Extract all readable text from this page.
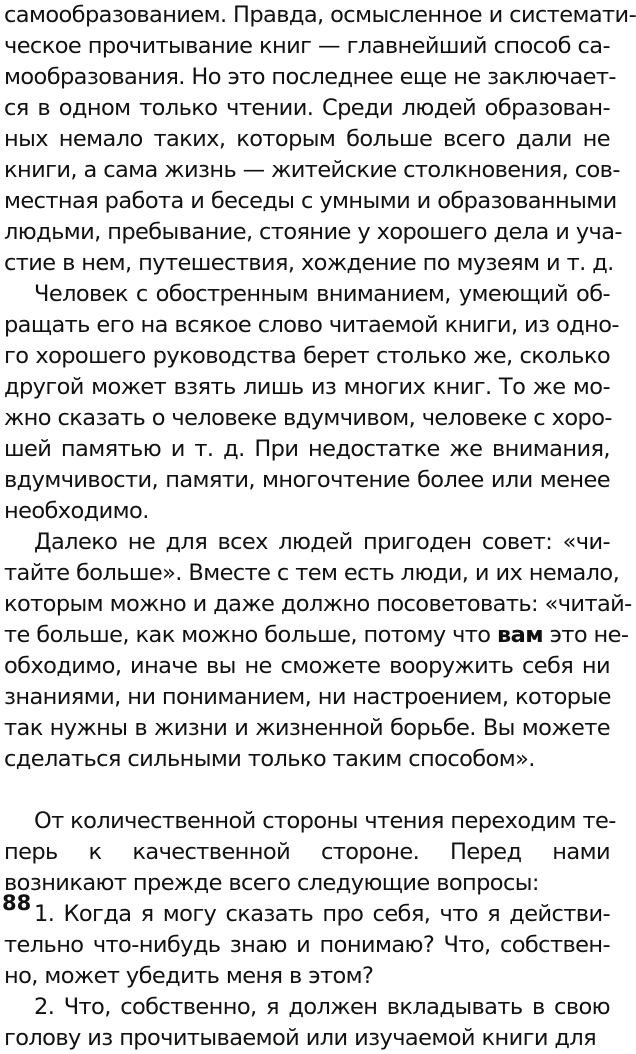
самообразованием. Правда, осмысленное и системати-
ческое прочитывание книг — главнейший способ са-
мообразования. Но это последнее еще не заключает-
ся в одном только чтении. Среди людей образован-
ных немало таких, которым больше всего дали не
книги, а сама жизнь — житейские столкновения, сов-
местная работа и беседы с умными и образованными
людьми, пребывание, стояние у хорошего дела и уча-
стие в нем, путешествия, хождение по музеям и т. д.
Человек с обостренным вниманием, умеющий об-
ращать его на всякое слово читаемой книги, из одно-
го хорошего руководства берет столько же, сколько
другой может взять лишь из многих книг. То же мо-
жно сказать о человеке вдумчивом, человеке с хоро-
шей памятью и т. д. При недостатке же внимания,
вдумчивости, памяти, многочтение более или менее
необходимо.
Далеко не для всех людей пригоден совет: «чи-
тайте больше». Вместе с тем есть люди, и их немало,
которым можно и даже должно посоветовать: «читай-
те больше, как можно больше, потому что вам это не-
обходимо, иначе вы не сможете вооружить себя ни
знаниями, ни пониманием, ни настроением, которые
так нужны в жизни и жизненной борьбе. Вы можете
сделаться сильными только таким способом».
От количественной стороны чтения переходим те-
перь к качественной стороне. Перед нами
возникают прежде всего следующие вопросы:
1. Когда я могу сказать про себя, что я действи-
тельно что-нибудь знаю и понимаю? Что, собствен-
но, может убедить меня в этом?
2. Что, собственно, я должен вкладывать в свою
голову из прочитываемой или изучаемой книги для
88
